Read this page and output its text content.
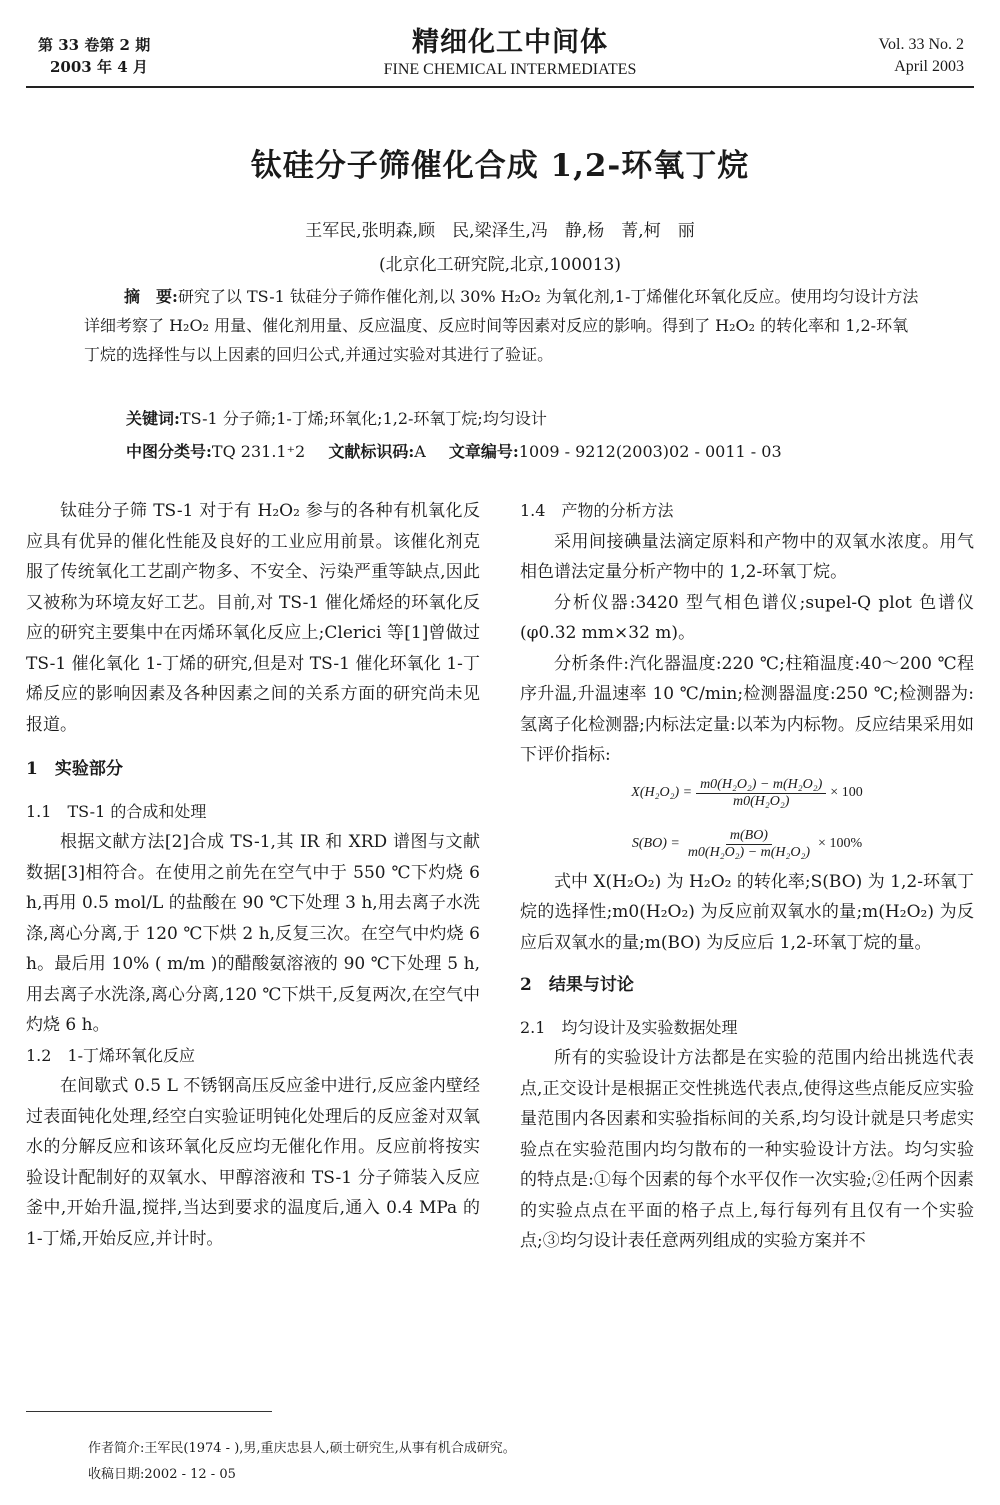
第 33 卷第 2 期
2003 年 4 月
精细化工中间体
FINE CHEMICAL INTERMEDIATES
Vol. 33 No. 2
April 2003
钛硅分子筛催化合成 1,2-环氧丁烷
王军民,张明森,顾　民,梁泽生,冯　静,杨　菁,柯　丽
(北京化工研究院,北京,100013)
摘　要:研究了以 TS-1 钛硅分子筛作催化剂,以 30% H₂O₂ 为氧化剂,1-丁烯催化环氧化反应。使用均匀设计方法详细考察了 H₂O₂ 用量、催化剂用量、反应温度、反应时间等因素对反应的影响。得到了 H₂O₂ 的转化率和 1,2-环氧丁烷的选择性与以上因素的回归公式,并通过实验对其进行了验证。
关键词:TS-1 分子筛;1-丁烯;环氧化;1,2-环氧丁烷;均匀设计
中图分类号:TQ 231.1⁺2 文献标识码:A 文章编号:1009 - 9212(2003)02 - 0011 - 03

钛硅分子筛 TS-1 对于有 H₂O₂ 参与的各种有机氧化反应具有优异的催化性能及良好的工业应用前景。该催化剂克服了传统氧化工艺副产物多、不安全、污染严重等缺点,因此又被称为环境友好工艺。目前,对 TS-1 催化烯烃的环氧化反应的研究主要集中在丙烯环氧化反应上;Clerici 等[1]曾做过 TS-1 催化氧化 1-丁烯的研究,但是对 TS-1 催化环氧化 1-丁烯反应的影响因素及各种因素之间的关系方面的研究尚未见报道。

1　实验部分
1.1　TS-1 的合成和处理

根据文献方法[2]合成 TS-1,其 IR 和 XRD 谱图与文献数据[3]相符合。在使用之前先在空气中于 550 ℃下灼烧 6 h,再用 0.5 mol/L 的盐酸在 90 ℃下处理 3 h,用去离子水洗涤,离心分离,于 120 ℃下烘 2 h,反复三次。在空气中灼烧 6 h。最后用 10% ( m/m )的醋酸氨溶液的 90 ℃下处理 5 h,用去离子水洗涤,离心分离,120 ℃下烘干,反复两次,在空气中灼烧 6 h。

1.2　1-丁烯环氧化反应

在间歇式 0.5 L 不锈钢高压反应釜中进行,反应釜内壁经过表面钝化处理,经空白实验证明钝化处理后的反应釜对双氧水的分解反应和该环氧化反应均无催化作用。反应前将按实验设计配制好的双氧水、甲醇溶液和 TS-1 分子筛装入反应釜中,开始升温,搅拌,当达到要求的温度后,通入 0.4 MPa 的 1-丁烯,开始反应,并计时。

1.4　产物的分析方法

采用间接碘量法滴定原料和产物中的双氧水浓度。用气相色谱法定量分析产物中的 1,2-环氧丁烷。

分析仪器:3420 型气相色谱仪;supel-Q plot 色谱仪(φ0.32 mm×32 m)。

分析条件:汽化器温度:220 ℃;柱箱温度:40～200 ℃程序升温,升温速率 10 ℃/min;检测器温度:250 ℃;检测器为:氢离子化检测器;内标法定量:以苯为内标物。反应结果采用如下评价指标:

$X(H_2O_2) = \frac{\text{m0(H₂O₂) − m(H₂O₂)}}{\text{m0(H₂O₂)}} \times 100$
$S(BO) = \frac{m(BO)}{\text{m0(H₂O₂) − m(H₂O₂)}} \times 100\%$

式中 X(H₂O₂) 为 H₂O₂ 的转化率;S(BO) 为 1,2-环氧丁烷的选择性;m0(H₂O₂) 为反应前双氧水的量;m(H₂O₂) 为反应后双氧水的量;m(BO) 为反应后 1,2-环氧丁烷的量。

2　结果与讨论
2.1　均匀设计及实验数据处理

所有的实验设计方法都是在实验的范围内给出挑选代表点,正交设计是根据正交性挑选代表点,使得这些点能反应实验量范围内各因素和实验指标间的关系,均匀设计就是只考虑实验点在实验范围内均匀散布的一种实验设计方法。均匀实验的特点是:①每个因素的每个水平仅作一次实验;②任两个因素的实验点点在平面的格子点上,每行每列有且仅有一个实验点;③均匀设计表任意两列组成的实验方案并不

作者简介:王军民(1974 - ),男,重庆忠县人,硕士研究生,从事有机合成研究。
收稿日期:2002 - 12 - 05
